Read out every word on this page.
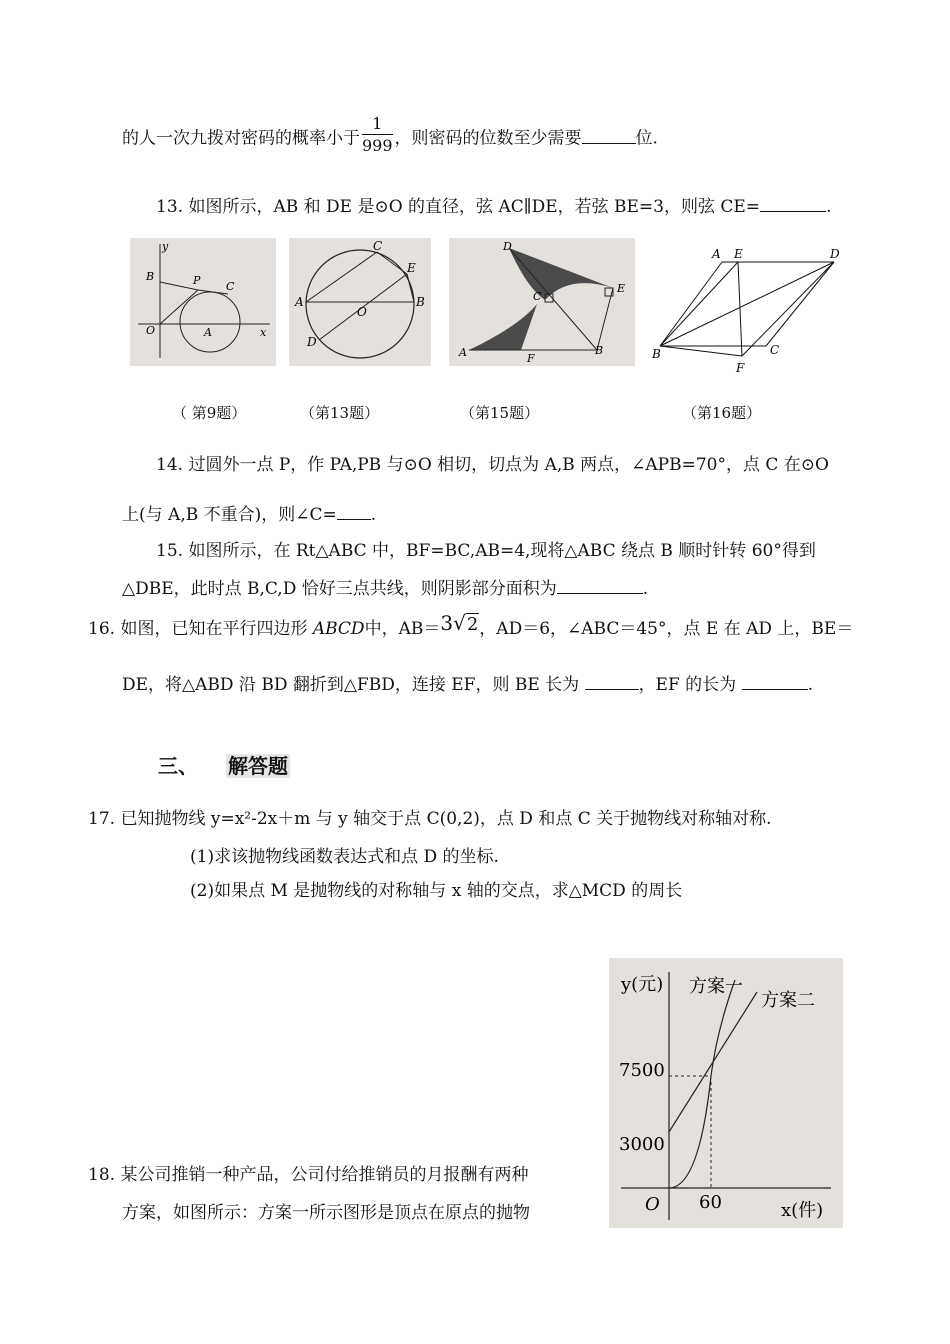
的人一次九拨对密码的概率小于 $\frac{1}{999}$ ，则密码的位数至少需要	位.
13. 如图所示，AB 和 DE 是⊙O 的直径，弦 AC∥DE，若弦 BE=3，则弦 CE=	.
y
B	P C
O	A	x
C
E
A
O
B
D
D
C
E
A	F
B
A E	D
B
F
C
（ 第9题）	（第13题）	（第15题）	（第16题）
14. 过圆外一点 P，作 PA,PB 与⊙O 相切，切点为 A,B 两点，∠APB=70°，点 C 在⊙O
上(与 A,B 不重合)，则∠C= .
15. 如图所示，在 Rt△ABC 中，BF=BC,AB=4,现将△ABC 绕点 B 顺时针转 60°得到
△DBE，此时点 B,C,D 恰好三点共线，则阴影部分面积为	.
16. 如图，已知在平行四边形 ABCD中，AB＝3√2，AD＝6，∠ABC＝45°，点 E 在 AD 上，BE＝
DE，将△ABD 沿 BD 翻折到△FBD，连接 EF，则 BE 长为	，EF 的长为	.
三、 解答题
17. 已知抛物线 y=x²-2x＋m 与 y 轴交于点 C(0,2)，点 D 和点 C 关于抛物线对称轴对称.
(1)求该抛物线函数表达式和点 D 的坐标.
(2)如果点 M 是抛物线的对称轴与 x 轴的交点，求△MCD 的周长
18. 某公司推销一种产品，公司付给推销员的月报酬有两种
方案，如图所示：方案一所示图形是顶点在原点的抛物
y(元) 方案一
方案二
7500
3000
O 60	x(件)
